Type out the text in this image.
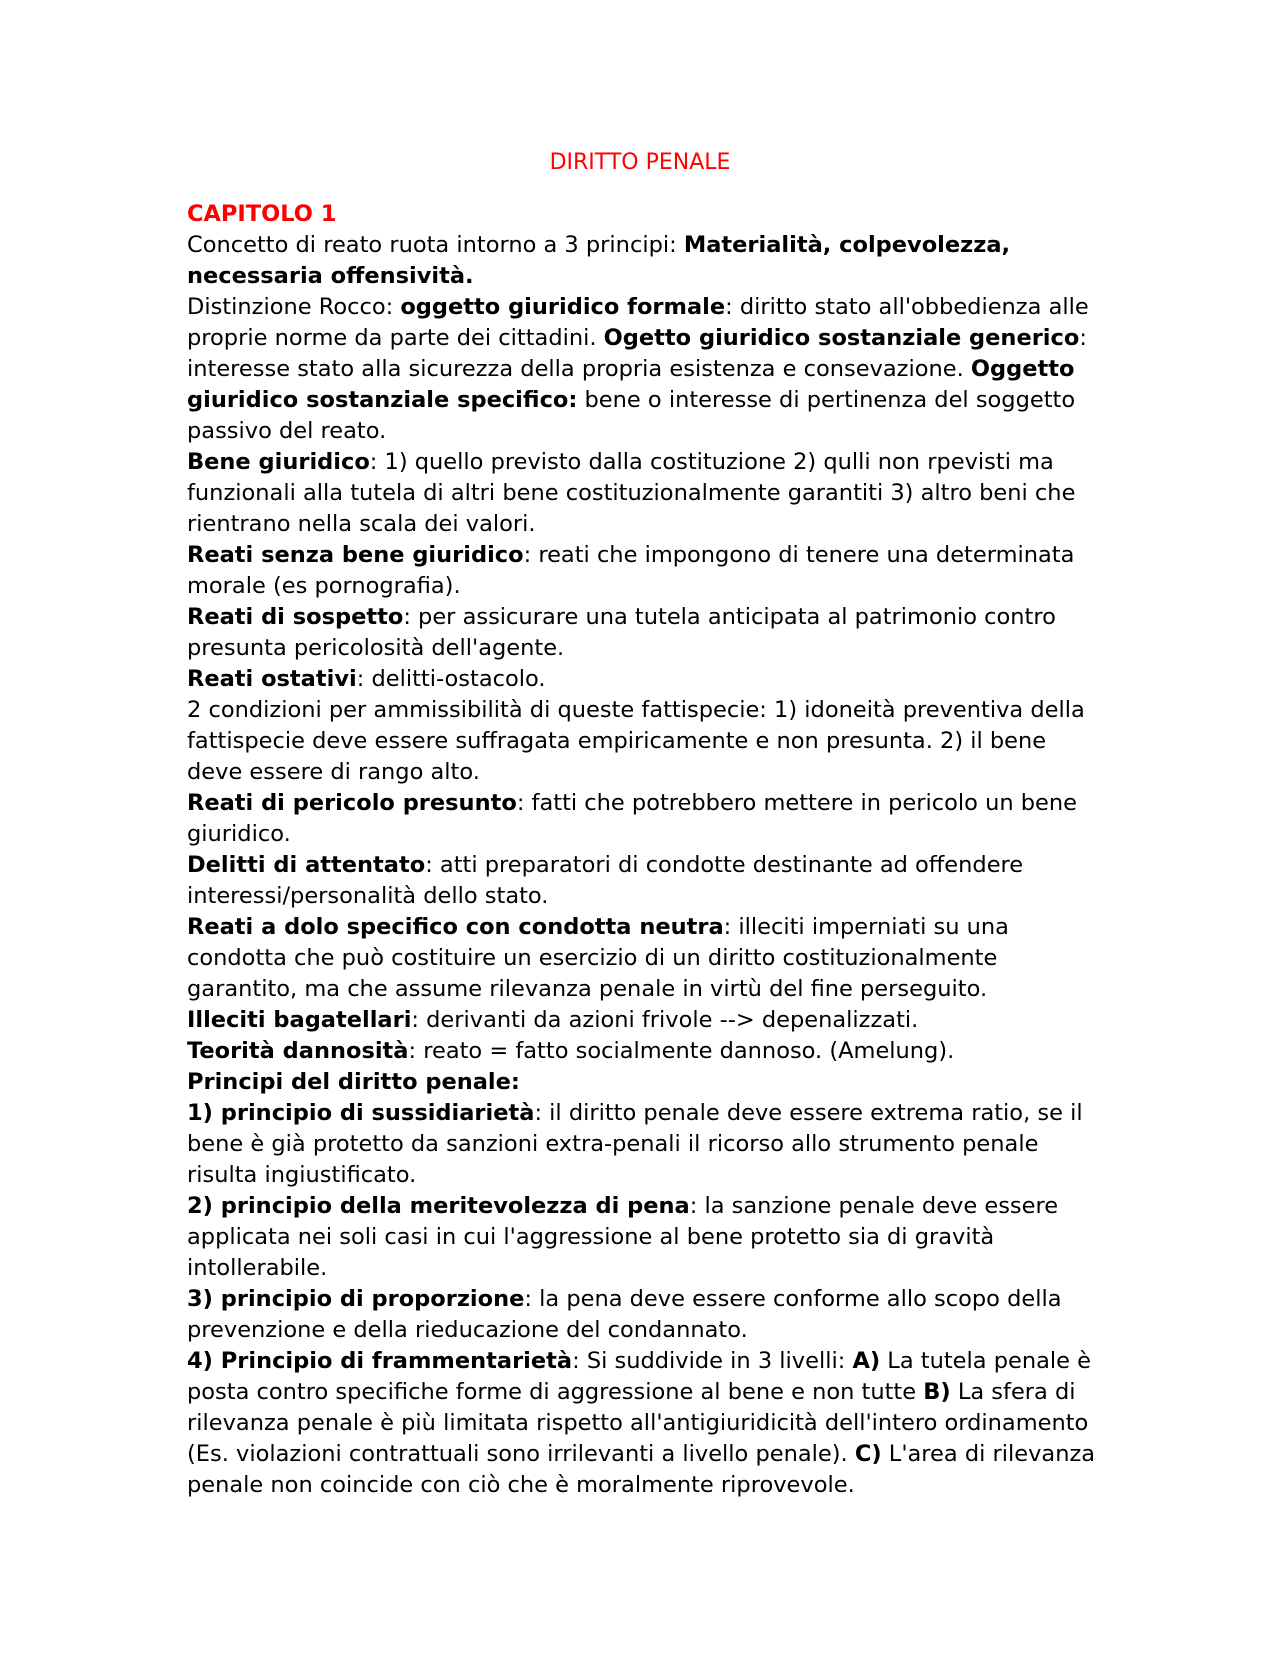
DIRITTO PENALE

CAPITOLO 1

Concetto di reato ruota intorno a 3 principi: Materialità, colpevolezza, necessaria offensività.

Distinzione Rocco: oggetto giuridico formale: diritto stato all'obbedienza alle proprie norme da parte dei cittadini. Ogetto giuridico sostanziale generico: interesse stato alla sicurezza della propria esistenza e consevazione. Oggetto giuridico sostanziale specifico: bene o interesse di pertinenza del soggetto passivo del reato.

Bene giuridico: 1) quello previsto dalla costituzione 2) qulli non rpevisti ma funzionali alla tutela di altri bene costituzionalmente garantiti 3) altro beni che rientrano nella scala dei valori.

Reati senza bene giuridico: reati che impongono di tenere una determinata morale (es pornografia).

Reati di sospetto: per assicurare una tutela anticipata al patrimonio contro presunta pericolosità dell'agente.

Reati ostativi: delitti-ostacolo.

2 condizioni per ammissibilità di queste fattispecie: 1) idoneità preventiva della fattispecie deve essere suffragata empiricamente e non presunta. 2) il bene deve essere di rango alto.

Reati di pericolo presunto: fatti che potrebbero mettere in pericolo un bene giuridico.

Delitti di attentato: atti preparatori di condotte destinante ad offendere interessi/personalità dello stato.

Reati a dolo specifico con condotta neutra: illeciti imperniati su una condotta che può costituire un esercizio di un diritto costituzionalmente garantito, ma che assume rilevanza penale in virtù del fine perseguito.

Illeciti bagatellari: derivanti da azioni frivole --> depenalizzati.

Teorità dannosità: reato = fatto socialmente dannoso. (Amelung).

Principi del diritto penale:

1) principio di sussidiarietà: il diritto penale deve essere extrema ratio, se il bene è già protetto da sanzioni extra-penali il ricorso allo strumento penale risulta ingiustificato.

2) principio della meritevolezza di pena: la sanzione penale deve essere applicata nei soli casi in cui l'aggressione al bene protetto sia di gravità intollerabile.

3) principio di proporzione: la pena deve essere conforme allo scopo della prevenzione e della rieducazione del condannato.

4) Principio di frammentarietà: Si suddivide in 3 livelli: A) La tutela penale è posta contro specifiche forme di aggressione al bene e non tutte B) La sfera di rilevanza penale è più limitata rispetto all'antigiuridicità dell'intero ordinamento (Es. violazioni contrattuali sono irrilevanti a livello penale). C) L'area di rilevanza penale non coincide con ciò che è moralmente riprovevole.
